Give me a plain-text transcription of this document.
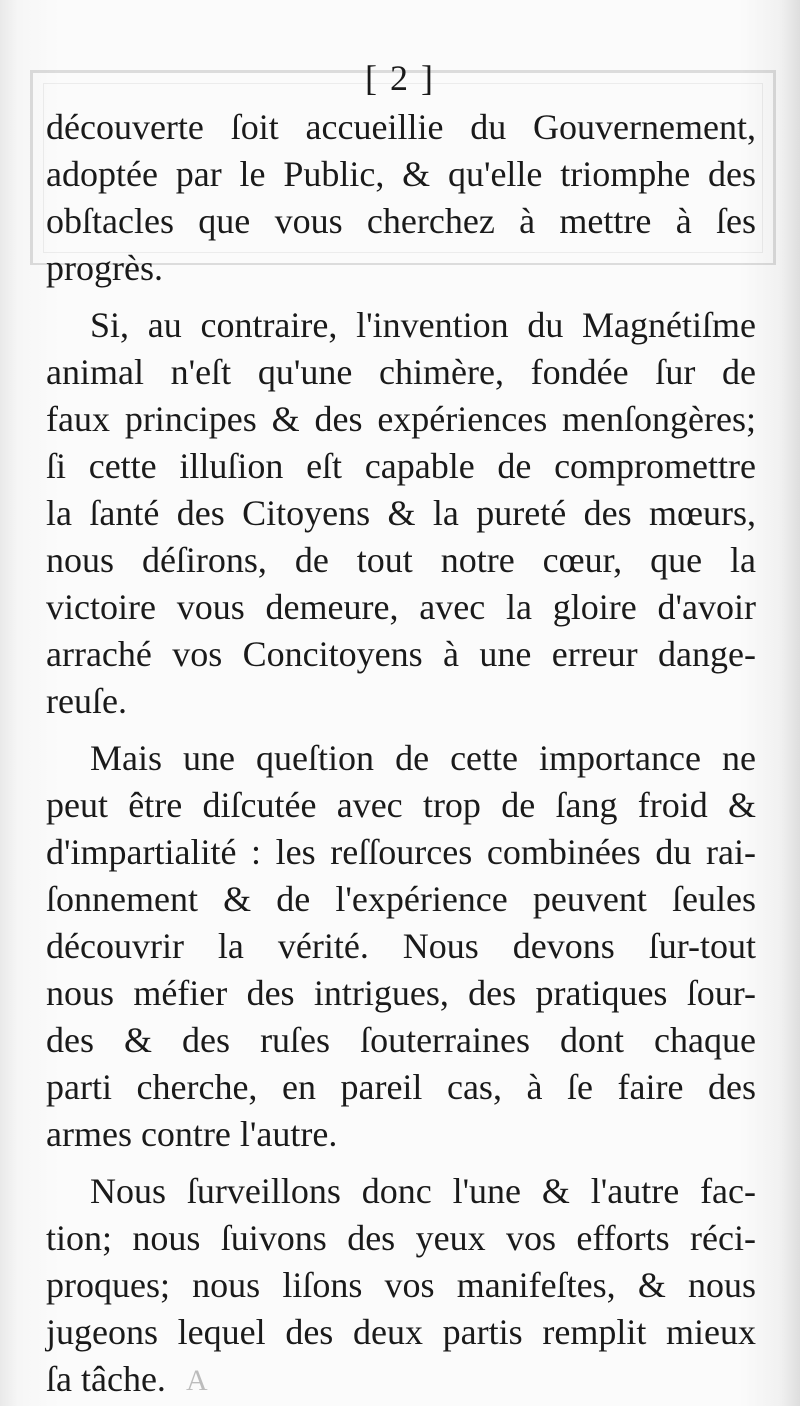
[ 2 ]

découverte ſoit accueillie du Gouvernement,

adoptée par le Public, & qu'elle triomphe des

obſtacles que vous cherchez à mettre à ſes

progrès.

Si, au contraire, l'invention du Magnétiſme

animal n'eſt qu'une chimère, fondée ſur de

faux principes & des expériences menſongères;

ſi cette illuſion eſt capable de compromettre

la ſanté des Citoyens & la pureté des mœurs,

nous déſirons, de tout notre cœur, que la

victoire vous demeure, avec la gloire d'avoir

arraché vos Concitoyens à une erreur dange-

reuſe.

Mais une queſtion de cette importance ne

peut être diſcutée avec trop de ſang froid &

d'impartialité : les reſſources combinées du rai-

ſonnement & de l'expérience peuvent ſeules

découvrir la vérité. Nous devons ſur-tout

nous méfier des intrigues, des pratiques ſour-

des & des ruſes ſouterraines dont chaque

parti cherche, en pareil cas, à ſe faire des

armes contre l'autre.

Nous ſurveillons donc l'une & l'autre fac-

tion; nous ſuivons des yeux vos efforts réci-

proques; nous liſons vos manifeſtes, & nous

jugeons lequel des deux partis remplit mieux

ſa tâche. A
